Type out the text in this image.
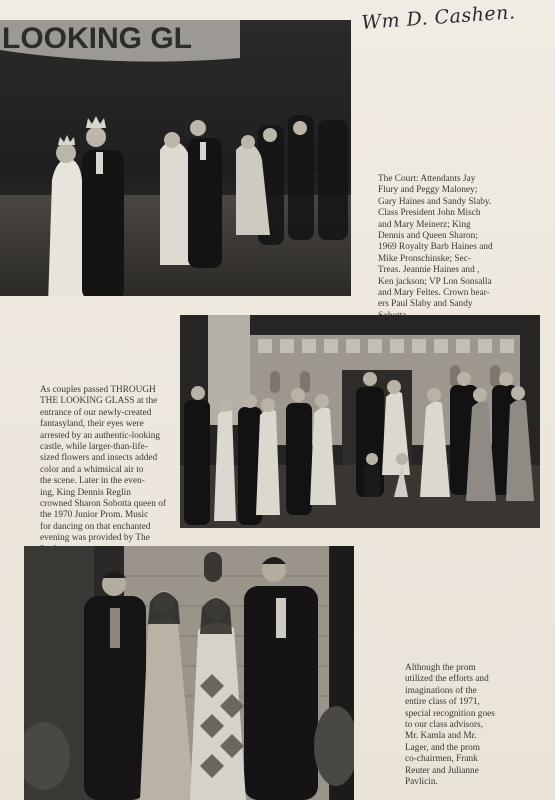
Wm D. Cashen.
LOOKING GL
The Court: Attendants Jay
Flury and Peggy Maloney;
Gary Haines and Sandy Slaby.
Class President John Misch
and Mary Meinerz; King
Dennis and Queen Sharon;
1969 Royalty Barb Haines and
Mike Pronschinske; Sec-
Treas. Jeannie Haines and ,
Ken jackson; VP Lon Sonsalla
and Mary Feltes. Crown bear-
ers Paul Slaby and Sandy

As couples passed THROUGH
THE LOOKING GLASS at the
entrance of our newly-created
fantasyland, their eyes were
arrested by an authentic-looking
castle, while larger-than-life-
sized flowers and insects added
color and a whimsical air to
the scene. Later in the even-
ing, King Dennis Reglin
crowned Sharon Sobotta queen of
the 1970 Junior Prom. Music
for dancing on that enchanted
evening was provided by The

Although the prom
utilized the efforts and
imaginations of the
entire class of 1971,
special recognition goes
to our class advisors,
Mr. Kamla and Mr.
Lager, and the prom
co-chairmen, Frank
Reuter and Julianne
Pavlicin.
